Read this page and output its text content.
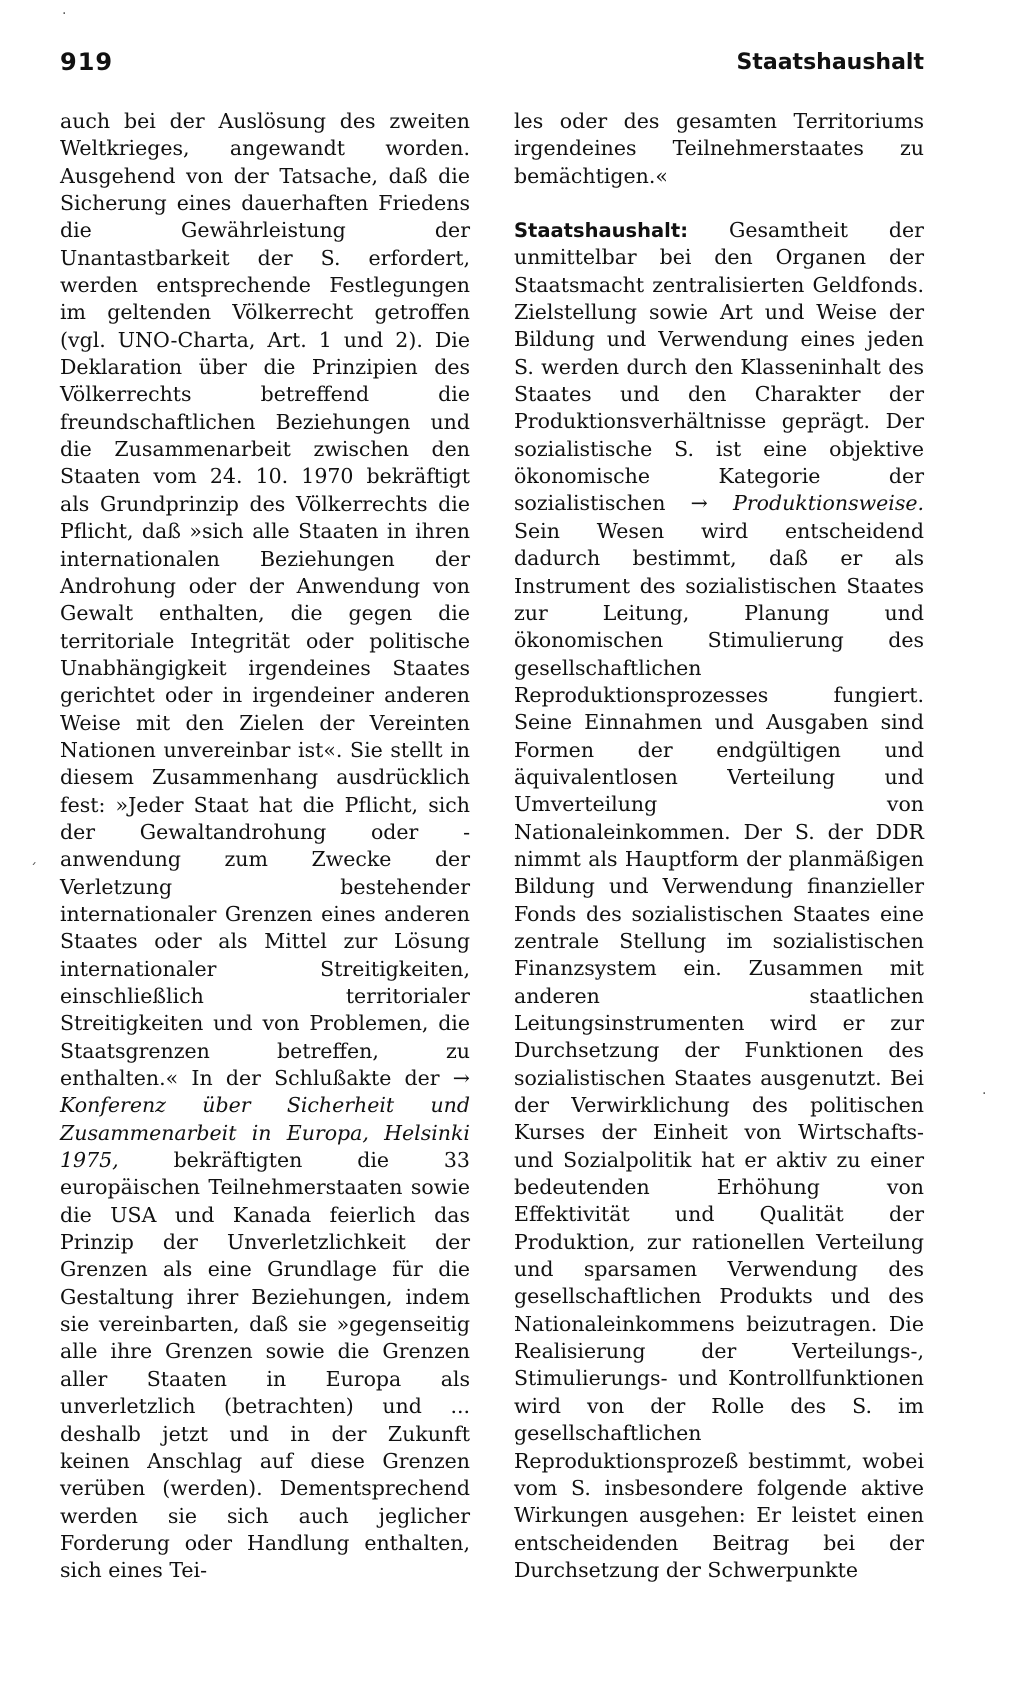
·
ˊ
·
919	Staatshaushalt

auch bei der Auslösung des zweiten Weltkrieges, angewandt worden. Ausgehend von der Tatsache, daß die Sicherung eines dauerhaften Friedens die Gewährleistung der Unantastbarkeit der S. erfordert, werden entsprechende Festlegungen im geltenden Völkerrecht getroffen (vgl. UNO-Charta, Art. 1 und 2). Die Deklaration über die Prinzipien des Völkerrechts betreffend die freundschaftlichen Beziehungen und die Zusammenarbeit zwischen den Staaten vom 24. 10. 1970 bekräftigt als Grundprinzip des Völkerrechts die Pflicht, daß »sich alle Staaten in ihren internationalen Beziehungen der Androhung oder der Anwendung von Gewalt enthalten, die gegen die territoriale Integrität oder politische Unabhängigkeit irgendeines Staates gerichtet oder in irgendeiner anderen Weise mit den Zielen der Vereinten Nationen unvereinbar ist«. Sie stellt in diesem Zusammenhang ausdrücklich fest: »Jeder Staat hat die Pflicht, sich der Gewaltandrohung oder -anwendung zum Zwecke der Verletzung bestehender internationaler Grenzen eines anderen Staates oder als Mittel zur Lösung internationaler Streitigkeiten, einschließlich territorialer Streitigkeiten und von Problemen, die Staatsgrenzen betreffen, zu enthalten.« In der Schlußakte der → Konferenz über Sicherheit und Zusammenarbeit in Europa, Helsinki 1975,	bekräftigten die 33 europäischen Teilnehmerstaaten sowie die USA und Kanada feierlich das Prinzip der Unverletzlichkeit der Grenzen als eine Grundlage für die Gestaltung ihrer Beziehungen, indem sie vereinbarten, daß sie »gegenseitig alle ihre Grenzen sowie die Grenzen aller Staaten in Europa als unverletzlich (betrachten) und ... deshalb jetzt und in der Zukunft keinen Anschlag auf diese Grenzen verüben (werden). Dementsprechend werden sie sich auch jeglicher Forderung oder Handlung enthalten, sich eines Tei-

les oder des gesamten Territoriums irgendeines Teilnehmerstaates zu bemächtigen.«

Staatshaushalt: Gesamtheit der unmittelbar bei den Organen der Staatsmacht zentralisierten Geldfonds. Zielstellung sowie Art und Weise der Bildung und Verwendung eines jeden S. werden durch den Klasseninhalt des Staates und den Charakter der Produktionsverhältnisse geprägt. Der sozialistische S. ist eine objektive ökonomische Kategorie der sozialistischen → Produktionsweise. Sein Wesen wird entscheidend dadurch bestimmt, daß er als Instrument des sozialistischen Staates zur Leitung, Planung und ökonomischen Stimulierung des gesellschaftlichen Reproduktionsprozesses fungiert. Seine Einnahmen und Ausgaben sind Formen der endgültigen und äquivalentlosen Verteilung und Umverteilung von Nationaleinkommen. Der S. der DDR nimmt als Hauptform der planmäßigen Bildung und Verwendung finanzieller Fonds des sozialistischen Staates eine zentrale Stellung im sozialistischen Finanzsystem ein. Zusammen mit anderen staatlichen Leitungsinstrumenten wird er zur Durchsetzung der Funktionen des sozialistischen Staates ausgenutzt. Bei der Verwirklichung des politischen Kurses der Einheit von Wirtschafts- und Sozialpolitik hat er aktiv zu einer bedeutenden Erhöhung von Effektivität und Qualität der Produktion, zur rationellen Verteilung und sparsamen Verwendung des gesellschaftlichen Produkts und des Nationaleinkommens beizutragen. Die Realisierung der Verteilungs-, Stimulierungs- und Kontrollfunktionen wird von der Rolle des S. im gesellschaftlichen Reproduktionsprozeß bestimmt, wobei vom S. insbesondere folgende aktive Wirkungen ausgehen: Er leistet einen entscheidenden Beitrag bei der Durchsetzung der Schwerpunkte
